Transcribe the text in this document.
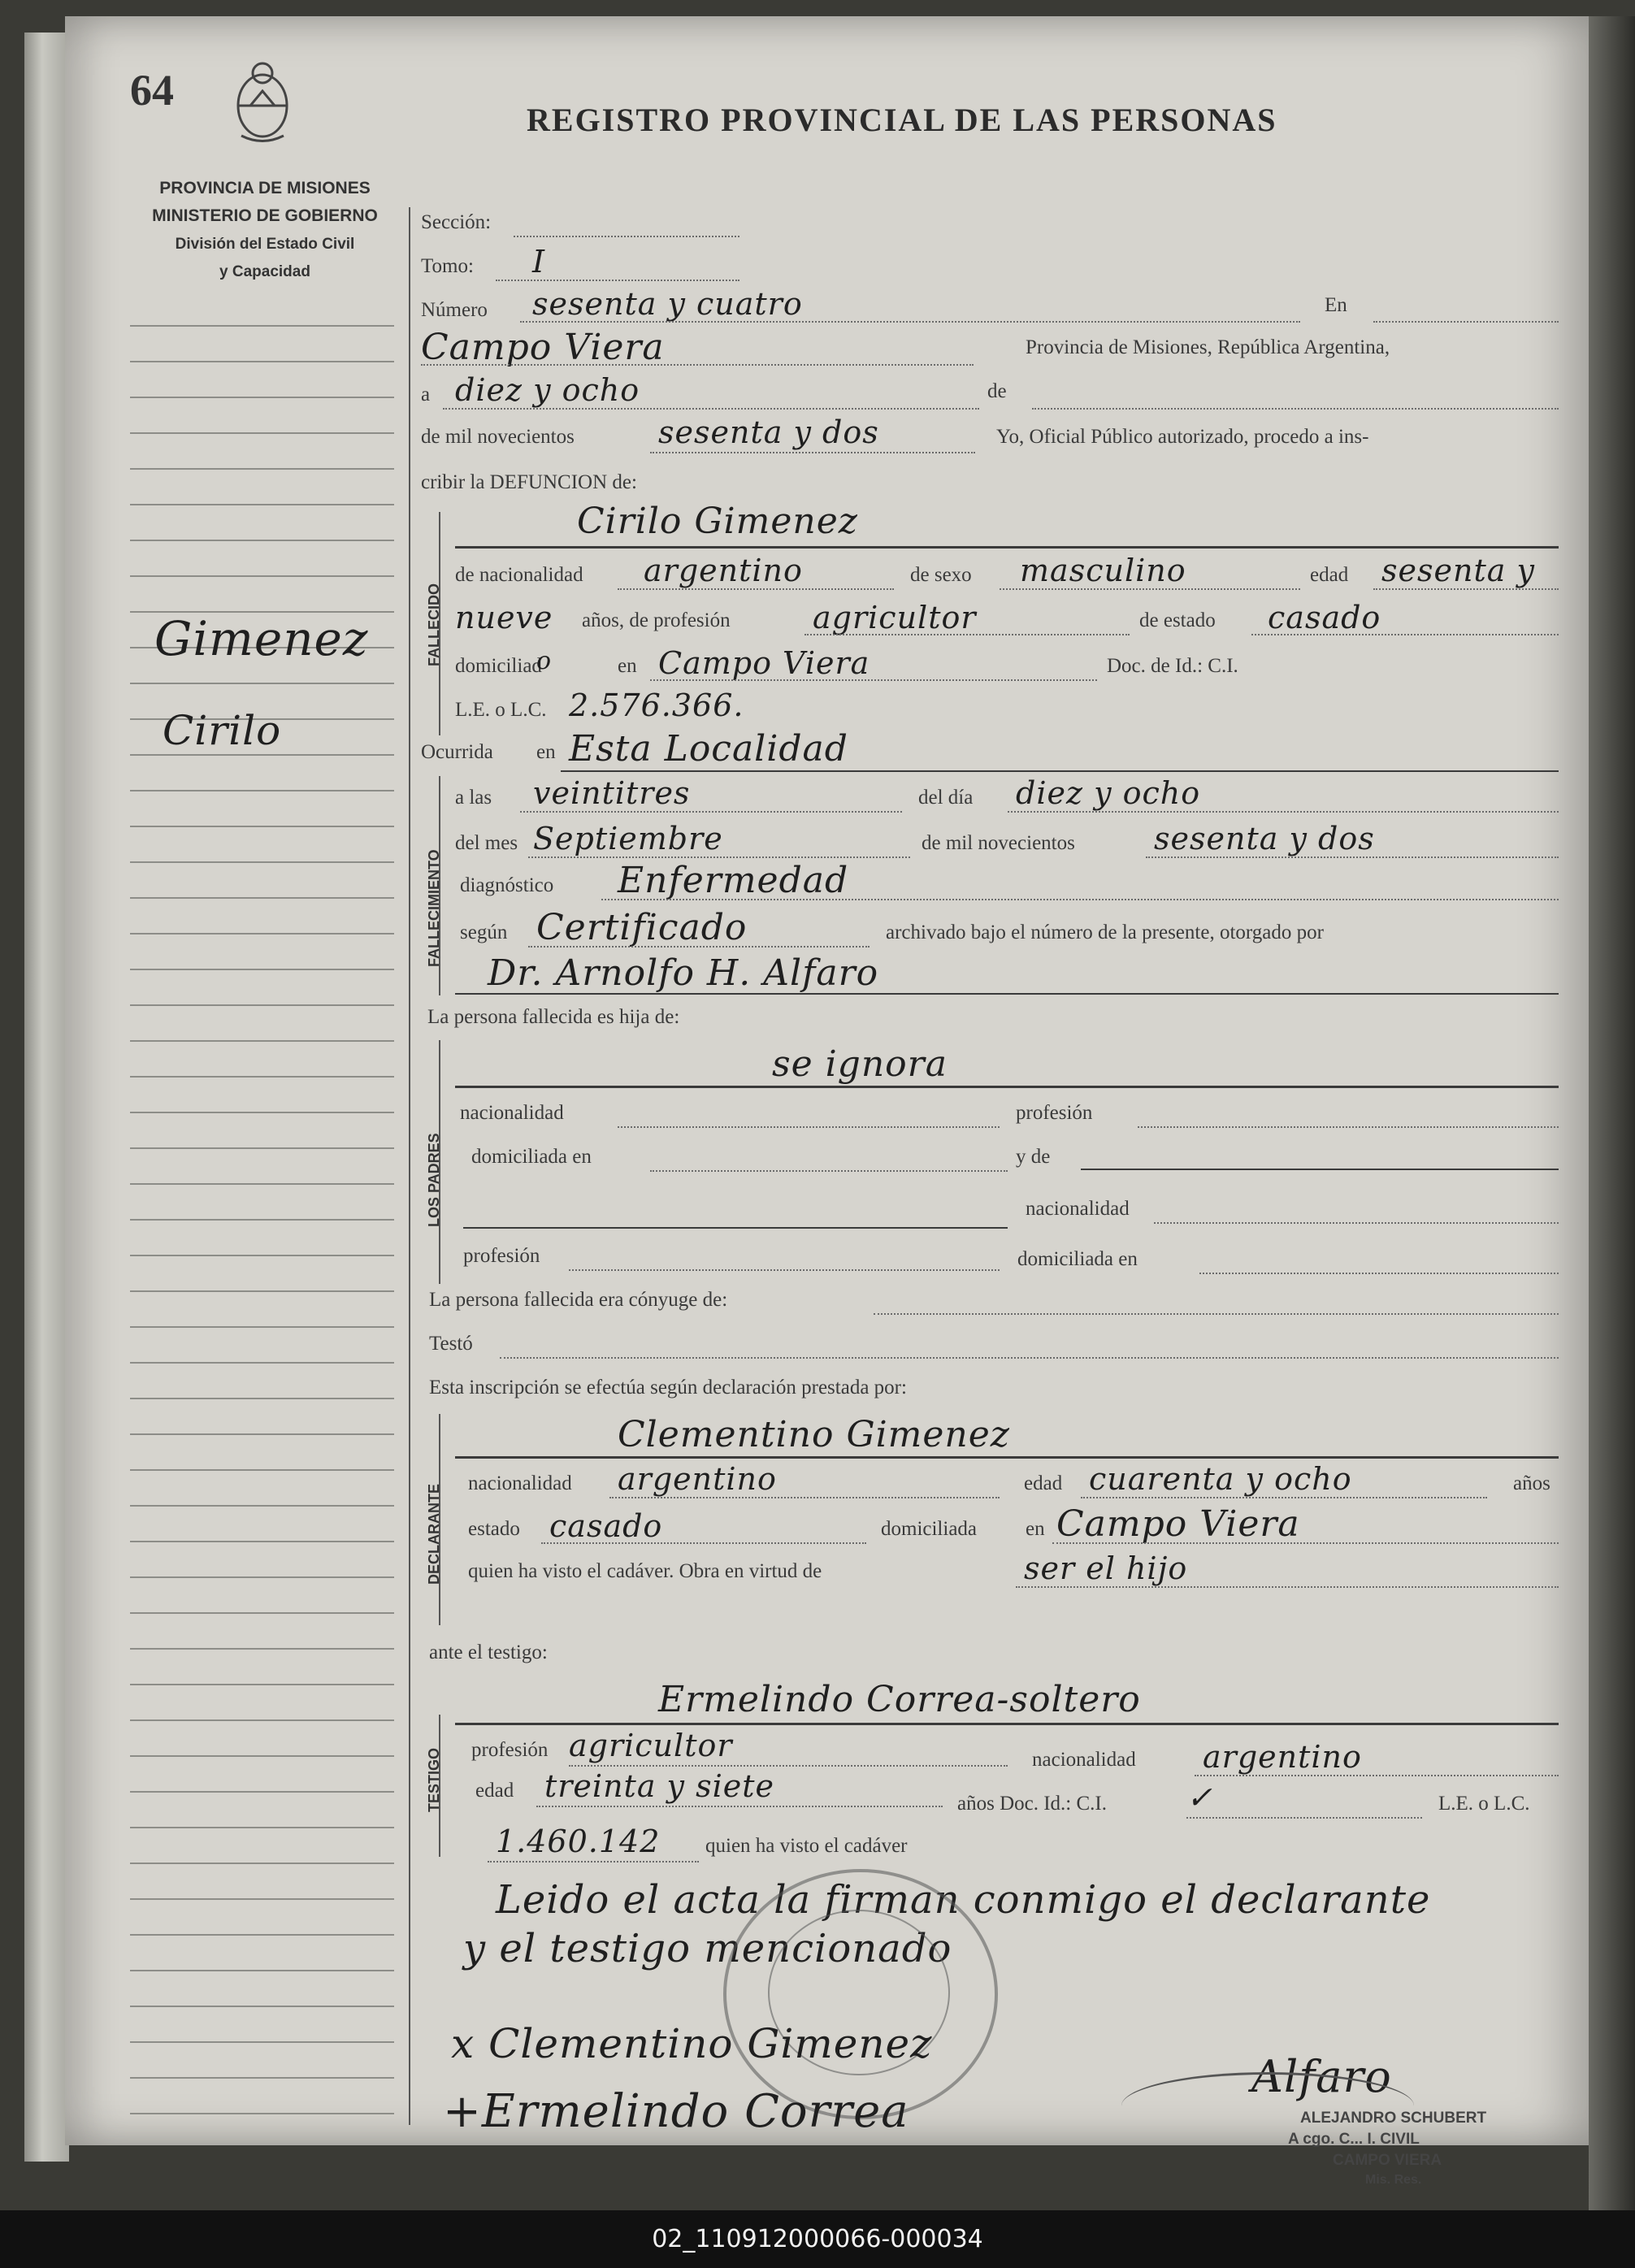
64
REGISTRO PROVINCIAL DE LAS PERSONAS
PROVINCIA DE MISIONES
MINISTERIO DE GOBIERNO
División del Estado Civil
y Capacidad
Gimenez
Cirilo
Sección:
Tomo: I
Número sesenta y cuatro	En
Campo Viera	Provincia de Misiones, República Argentina,
a diez y ocho	de
de mil novecientos	sesenta y dos	Yo, Oficial Público autorizado, procedo a ins-
cribir la DEFUNCION de:
FALLECIDO
Cirilo Gimenez
de nacionalidad argentino	de sexo masculino	edad sesenta y
nueve años, de profesión	agricultor	de estado casado
domiciliad
o	en Campo Viera	Doc. de Id.: C.I.
L.E. o L.C. 2.576.366.
Ocurrida en Esta Localidad
FALLECIMIENTO
a las veintitres	del día diez y ocho
del mes Septiembre	de mil novecientos	sesenta y dos
diagnóstico Enfermedad
según Certificado	archivado bajo el número de la presente, otorgado por
Dr. Arnolfo H. Alfaro
La persona fallecida es hija de:
LOS PADRES
se ignora
nacionalidad	profesión
domiciliada en	y de
nacionalidad
profesión	domiciliada en
La persona fallecida era cónyuge de:
Testó
Esta inscripción se efectúa según declaración prestada por:
DECLARANTE
Clementino Gimenez
nacionalidad argentino	edad cuarenta y ocho	años
estado casado	domiciliada en Campo Viera
quien ha visto el cadáver. Obra en virtud de	ser el hijo
ante el testigo:
TESTIGO
Ermelindo Correa-soltero
profesión agricultor	nacionalidad argentino
edad treinta y siete	años Doc. Id.: C.I.	✓	L.E. o L.C.
1.460.142 quien ha visto el cadáver
Leido el acta la firman conmigo el declarante
y el testigo mencionado
x Clementino Gimenez
+Ermelindo Correa
Alfaro
ALEJANDRO SCHUBERT
A cgo. C... I. CIVIL
CAMPO VIERA
Mis. Res.
02_110912000066-000034
